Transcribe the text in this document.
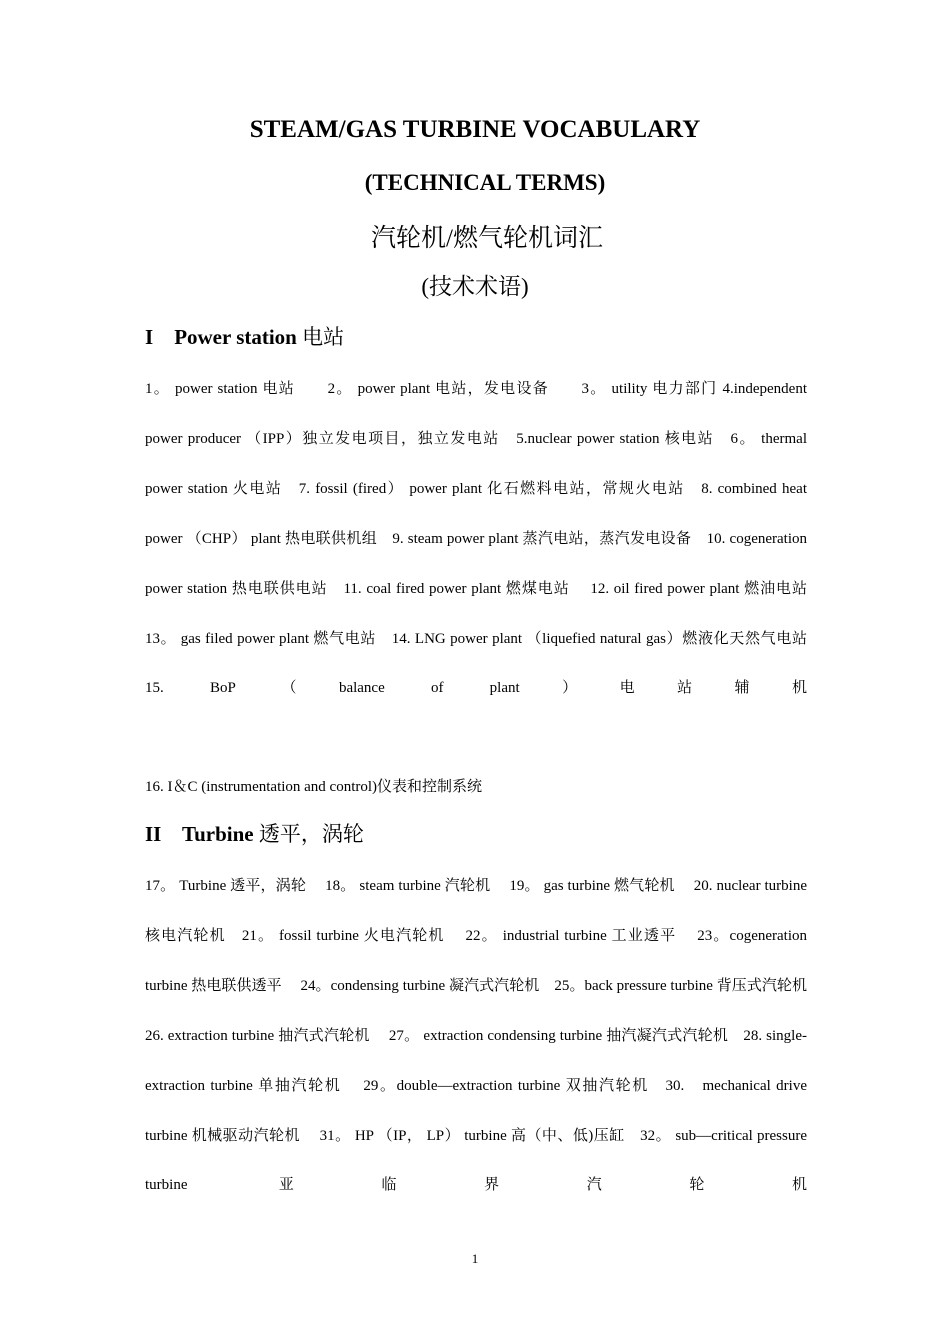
STEAM/GAS TURBINE VOCABULARY
(TECHNICAL TERMS)
汽轮机/燃气轮机词汇
(技术术语)
I Power station 电站
1。 power station 电站　　2。 power plant 电站，发电设备　　3。 utility 电力部门 4.independent power producer （IPP）独立发电项目，独立发电站　5.nuclear power station 核电站　6。 thermal power station 火电站　7. fossil (fired） power plant 化石燃料电站，常规火电站　8. combined heat power （CHP） plant 热电联供机组　9. steam power plant 蒸汽电站，蒸汽发电设备　10. cogeneration power station 热电联供电站　11. coal fired power plant 燃煤电站　 12. oil fired power plant 燃油电站　13。 gas filed power plant 燃气电站　14. LNG power plant （liquefied natural gas）燃液化天然气电站　15. BoP （balance of plant）电站辅机
16. I＆C (instrumentation and control)仪表和控制系统
II Turbine 透平，涡轮
17。 Turbine 透平，涡轮　 18。 steam turbine 汽轮机　 19。 gas turbine 燃气轮机　 20. nuclear turbine 核电汽轮机　21。 fossil turbine 火电汽轮机　 22。 industrial turbine 工业透平　 23。cogeneration turbine 热电联供透平　 24。condensing turbine 凝汽式汽轮机　25。back pressure turbine 背压式汽轮机　26. extraction turbine 抽汽式汽轮机　 27。 extraction condensing turbine 抽汽凝汽式汽轮机　28. single-extraction turbine 单抽汽轮机　 29。double—extraction turbine 双抽汽轮机　30.　mechanical drive turbine 机械驱动汽轮机　 31。 HP （IP， LP） turbine 高（中、低)压缸　32。 sub—critical pressure turbine 亚临界汽轮机
1
